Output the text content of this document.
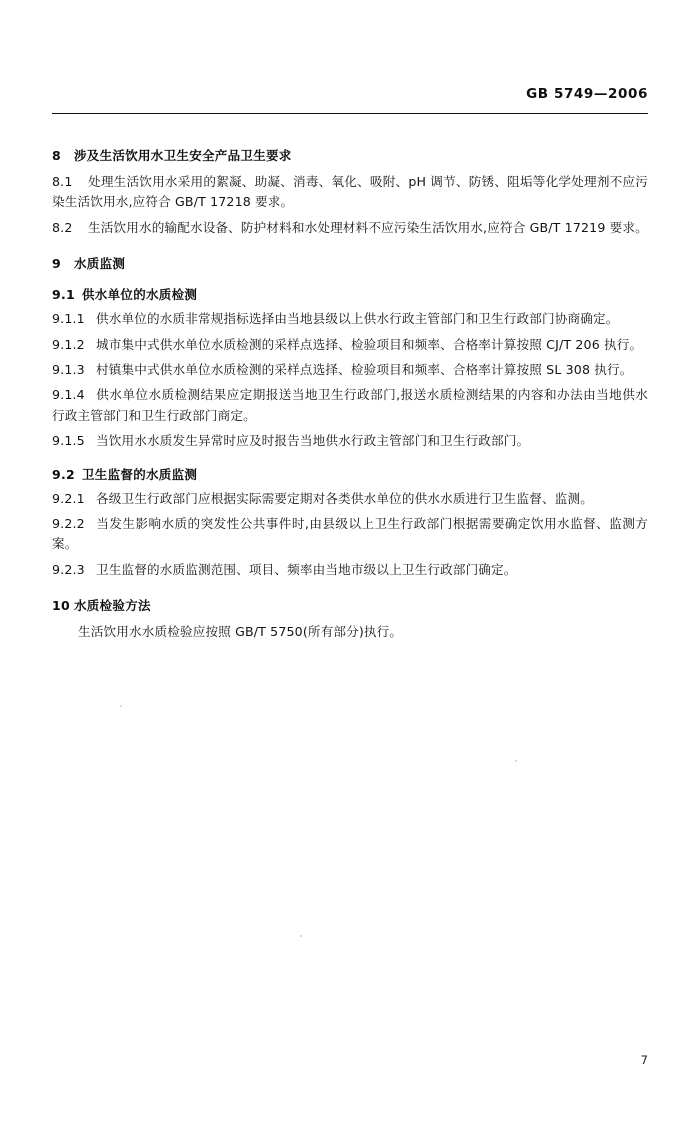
GB 5749—2006
8 涉及生活饮用水卫生安全产品卫生要求

8.1 处理生活饮用水采用的絮凝、助凝、消毒、氧化、吸附、pH 调节、防锈、阻垢等化学处理剂不应污染生活饮用水,应符合 GB/T 17218 要求。

8.2 生活饮用水的输配水设备、防护材料和水处理材料不应污染生活饮用水,应符合 GB/T 17219 要求。

9 水质监测
9.1 供水单位的水质检测

9.1.1 供水单位的水质非常规指标选择由当地县级以上供水行政主管部门和卫生行政部门协商确定。

9.1.2 城市集中式供水单位水质检测的采样点选择、检验项目和频率、合格率计算按照 CJ/T 206 执行。

9.1.3 村镇集中式供水单位水质检测的采样点选择、检验项目和频率、合格率计算按照 SL 308 执行。

9.1.4 供水单位水质检测结果应定期报送当地卫生行政部门,报送水质检测结果的内容和办法由当地供水行政主管部门和卫生行政部门商定。

9.1.5 当饮用水水质发生异常时应及时报告当地供水行政主管部门和卫生行政部门。

9.2 卫生监督的水质监测

9.2.1 各级卫生行政部门应根据实际需要定期对各类供水单位的供水水质进行卫生监督、监测。

9.2.2 当发生影响水质的突发性公共事件时,由县级以上卫生行政部门根据需要确定饮用水监督、监测方案。

9.2.3 卫生监督的水质监测范围、项目、频率由当地市级以上卫生行政部门确定。

10 水质检验方法

生活饮用水水质检验应按照 GB/T 5750(所有部分)执行。

7
